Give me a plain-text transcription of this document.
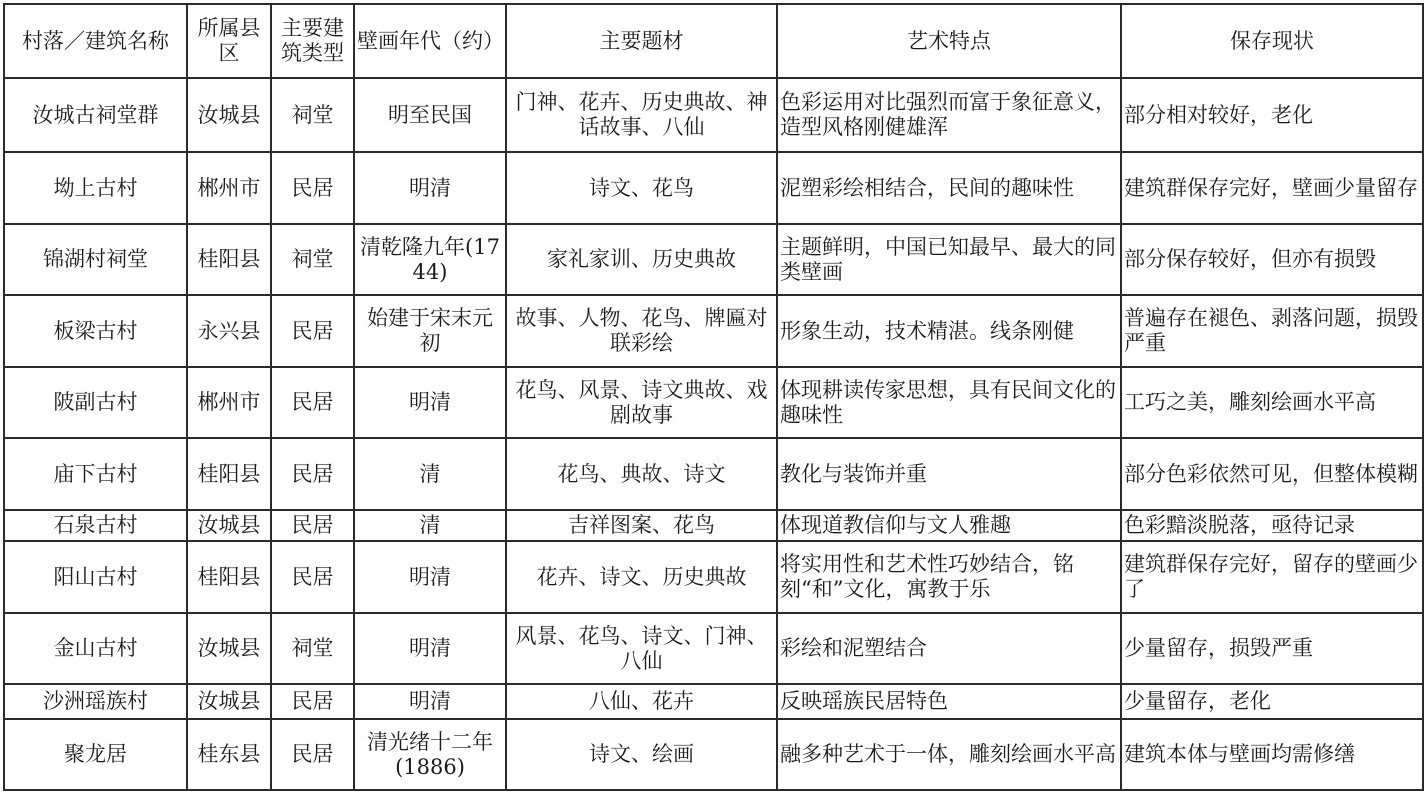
村落／建筑名称	所属县区	主要建筑类型	壁画年代（约）	主要题材	艺术特点	保存现状
汝城古祠堂群	汝城县	祠堂	明至民国	门神、花卉、历史典故、神话故事、八仙	色彩运用对比强烈而富于象征意义，造型风格刚健雄浑	部分相对较好，老化
坳上古村	郴州市	民居	明清	诗文、花鸟	泥塑彩绘相结合，民间的趣味性	建筑群保存完好，壁画少量留存
锦湖村祠堂	桂阳县	祠堂	清乾隆九年(1744)	家礼家训、历史典故	主题鲜明，中国已知最早、最大的同类壁画	部分保存较好，但亦有损毁
板梁古村	永兴县	民居	始建于宋末元初	故事、人物、花鸟、牌匾对联彩绘	形象生动，技术精湛。线条刚健	普遍存在褪色、剥落问题，损毁严重
陂副古村	郴州市	民居	明清	花鸟、风景、诗文典故、戏剧故事	体现耕读传家思想，具有民间文化的趣味性	工巧之美，雕刻绘画水平高
庙下古村	桂阳县	民居	清	花鸟、典故、诗文	教化与装饰并重	部分色彩依然可见，但整体模糊
石泉古村	汝城县	民居	清	吉祥图案、花鸟	体现道教信仰与文人雅趣	色彩黯淡脱落，亟待记录
阳山古村	桂阳县	民居	明清	花卉、诗文、历史典故	将实用性和艺术性巧妙结合，铭刻“和”文化，寓教于乐	建筑群保存完好，留存的壁画少了
金山古村	汝城县	祠堂	明清	风景、花鸟、诗文、门神、八仙	彩绘和泥塑结合	少量留存，损毁严重
沙洲瑶族村	汝城县	民居	明清	八仙、花卉	反映瑶族民居特色	少量留存，老化
聚龙居	桂东县	民居	清光绪十二年(1886)	诗文、绘画	融多种艺术于一体，雕刻绘画水平高	建筑本体与壁画均需修缮
